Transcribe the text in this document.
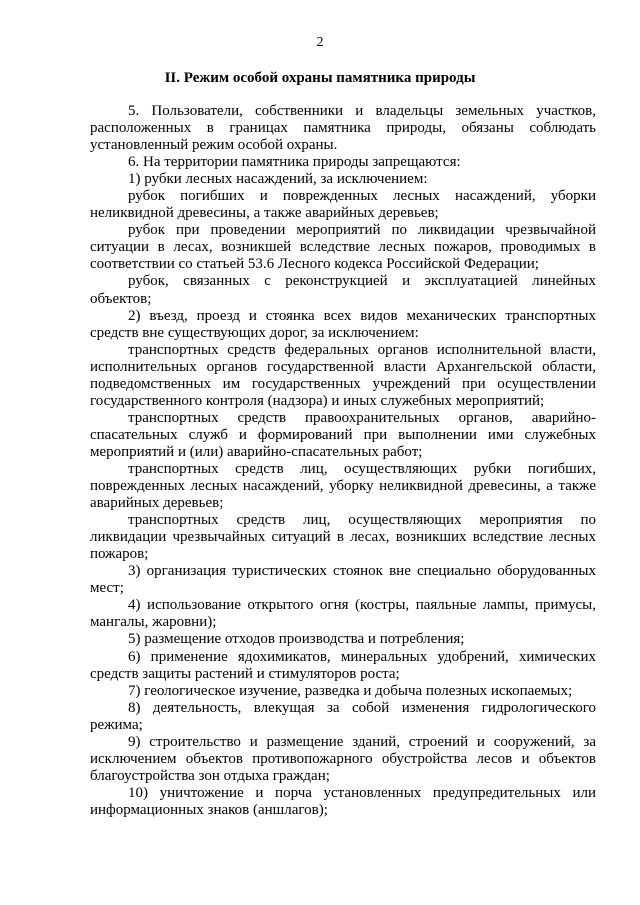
2
II. Режим особой охраны памятника природы

5. Пользователи, собственники и владельцы земельных участков, расположенных в границах памятника природы, обязаны соблюдать установленный режим особой охраны.

6. На территории памятника природы запрещаются:

1) рубки лесных насаждений, за исключением:

рубок погибших и поврежденных лесных насаждений, уборки неликвидной древесины, а также аварийных деревьев;

рубок при проведении мероприятий по ликвидации чрезвычайной ситуации в лесах, возникшей вследствие лесных пожаров, проводимых в соответствии со статьей 53.6 Лесного кодекса Российской Федерации;

рубок, связанных с реконструкцией и эксплуатацией линейных объектов;

2) въезд, проезд и стоянка всех видов механических транспортных средств вне существующих дорог, за исключением:

транспортных средств федеральных органов исполнительной власти, исполнительных органов государственной власти Архангельской области, подведомственных им государственных учреждений при осуществлении государственного контроля (надзора) и иных служебных мероприятий;

транспортных средств правоохранительных органов, аварийно-спасательных служб и формирований при выполнении ими служебных мероприятий и (или) аварийно-спасательных работ;

транспортных средств лиц, осуществляющих рубки погибших, поврежденных лесных насаждений, уборку неликвидной древесины, а также аварийных деревьев;

транспортных средств лиц, осуществляющих мероприятия по ликвидации чрезвычайных ситуаций в лесах, возникших вследствие лесных пожаров;

3) организация туристических стоянок вне специально оборудованных мест;

4) использование открытого огня (костры, паяльные лампы, примусы, мангалы, жаровни);

5) размещение отходов производства и потребления;

6) применение ядохимикатов, минеральных удобрений, химических средств защиты растений и стимуляторов роста;

7) геологическое изучение, разведка и добыча полезных ископаемых;

8) деятельность, влекущая за собой изменения гидрологического режима;

9) строительство и размещение зданий, строений и сооружений, за исключением объектов противопожарного обустройства лесов и объектов благоустройства зон отдыха граждан;

10) уничтожение и порча установленных предупредительных или информационных знаков (аншлагов);
